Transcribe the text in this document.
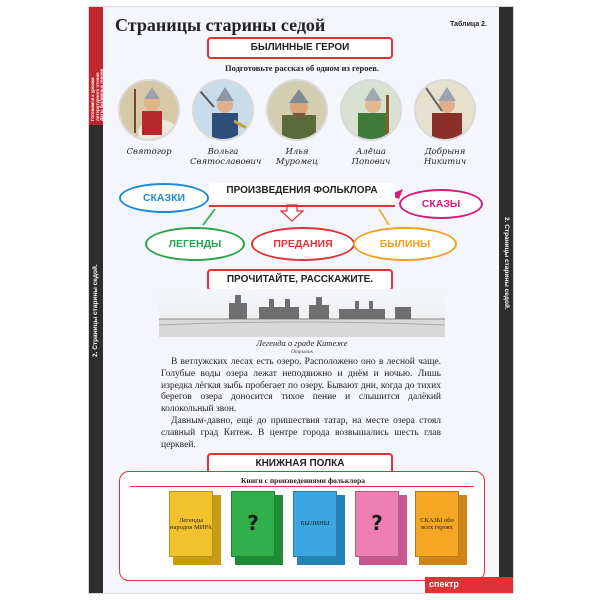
Готовимся к урокам литературного чтения Даты былинных героев
2. Страницы старины седой.
2. Страницы старины седой.
Страницы старины седой	Таблица 2.
БЫЛИННЫЕ ГЕРОИ
Подготовьте рассказ об одном из героев.
Святогор	Вольга
Святославович
Илья
Муромец
Алёша
Попович
Добрыня
Никитич
ПРОИЗВЕДЕНИЯ ФОЛЬКЛОРА
СКАЗКИ	СКАЗЫ
ЛЕГЕНДЫ	ПРЕДАНИЯ	БЫЛИНЫ
ПРОЧИТАЙТЕ, РАССКАЖИТЕ.
Легенда о граде Китеже
Отрывок

В ветлужских лесах есть озеро. Расположено оно в лесной чаще. Голубые воды озера лежат неподвижно и днём и ночью. Лишь изредка лёгкая зыбь пробегает по озеру. Бывают дни, когда до тихих берегов озера доносится тихое пение и слышится далёкий колокольный звон.

Давным-давно, ещё до пришествия татар, на месте озера стоял славный град Китеж. В центре города возвышались шесть глав церквей.

КНИЖНАЯ ПОЛКА
Книги с произведениями фольклора
Легенды народов МИРА ?	БЫЛИНЫ ?	СКАЗЫ обо всех героях
спектр
